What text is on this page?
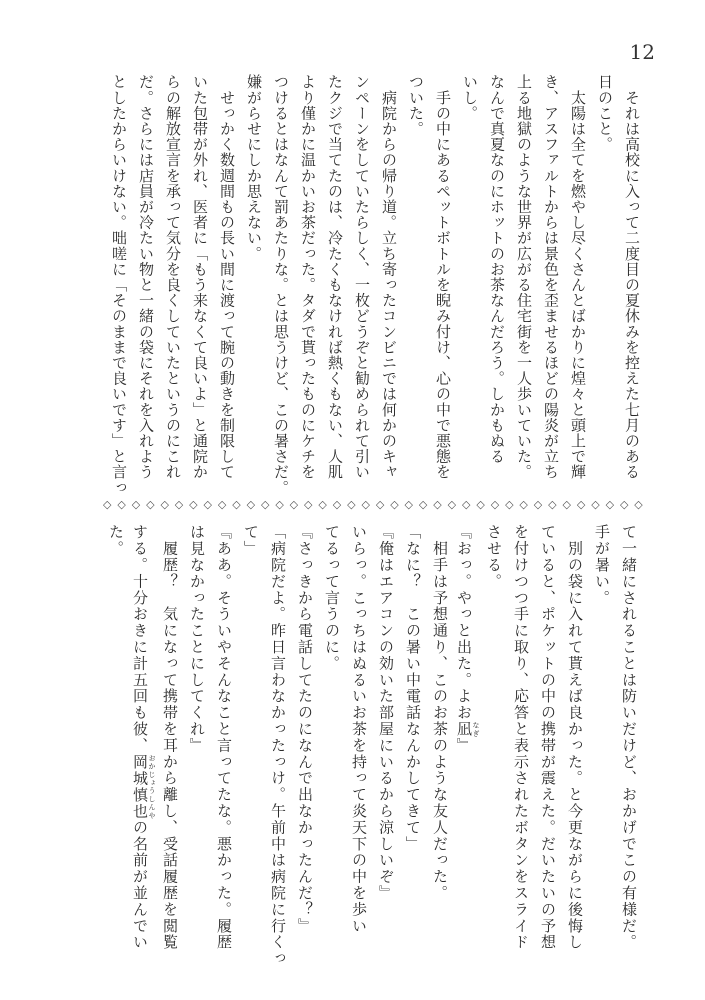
12
　それは高校に入って二度目の夏休みを控えた七月のある
日のこと。
　太陽は全てを燃やし尽くさんとばかりに煌々と頭上で輝
き、アスファルトからは景色を歪ませるほどの陽炎が立ち
上る地獄のような世界が広がる住宅街を一人歩いていた。
なんで真夏なのにホットのお茶なんだろう。しかもぬる
いし。
　手の中にあるペットボトルを睨み付け、心の中で悪態を
ついた。
　病院からの帰り道。立ち寄ったコンビニでは何かのキャ
ンペーンをしていたらしく、一枚どうぞと勧められて引い
たクジで当てたのは、冷たくもなければ熱くもない、人肌
より僅かに温かいお茶だった。タダで貰ったものにケチを
つけるとはなんて罰あたりな。とは思うけど、この暑さだ。
嫌がらせにしか思えない。
　せっかく数週間もの長い間に渡って腕の動きを制限して
いた包帯が外れ、医者に「もう来なくて良いよ」と通院か
らの解放宣言を承って気分を良くしていたというのにこれ
だ。さらには店員が冷たい物と一緒の袋にそれを入れよう
としたからいけない。咄嗟に「そのままで良いです」と言っ
◇ ◇ ◇ ◇ ◇ ◇ ◇ ◇ ◇ ◇ ◇ ◇ ◇ ◇ ◇ ◇ ◇ ◇ ◇ ◇ ◇ ◇ ◇ ◇ ◇ ◇ ◇ ◇ ◇ ◇ ◇ ◇ ◇ ◇ ◇ ◇ ◇ ◇
て一緒にされることは防いだけど、おかげでこの有様だ。
手が暑い。
　別の袋に入れて貰えば良かった。と今更ながらに後悔し
ていると、ポケットの中の携帯が震えた。だいたいの予想
を付けつつ手に取り、応答と表示されたボタンをスライド
させる。
『おっ。やっと出た。よお凪 なぎ』
　相手は予想通り、このお茶のような友人だった。
「なに？　この暑い中電話なんかしてきて」
『俺はエアコンの効いた部屋にいるから涼しいぞ』
いらっ。こっちはぬるいお茶を持って炎天下の中を歩い
てるって言うのに。
『さっきから電話してたのになんで出なかったんだ？』
「病院だよ。昨日言わなかったっけ。午前中は病院に行くっ
て」
『ああ。そういやそんなこと言ってたな。悪かった。履歴
は見なかったことにしてくれ』
　履歴？　気になって携帯を耳から離し、受話履歴を閲覧
する。十分おきに計五回も彼、岡城慎也 おかじょうしんやの名前が並んでい
た。
